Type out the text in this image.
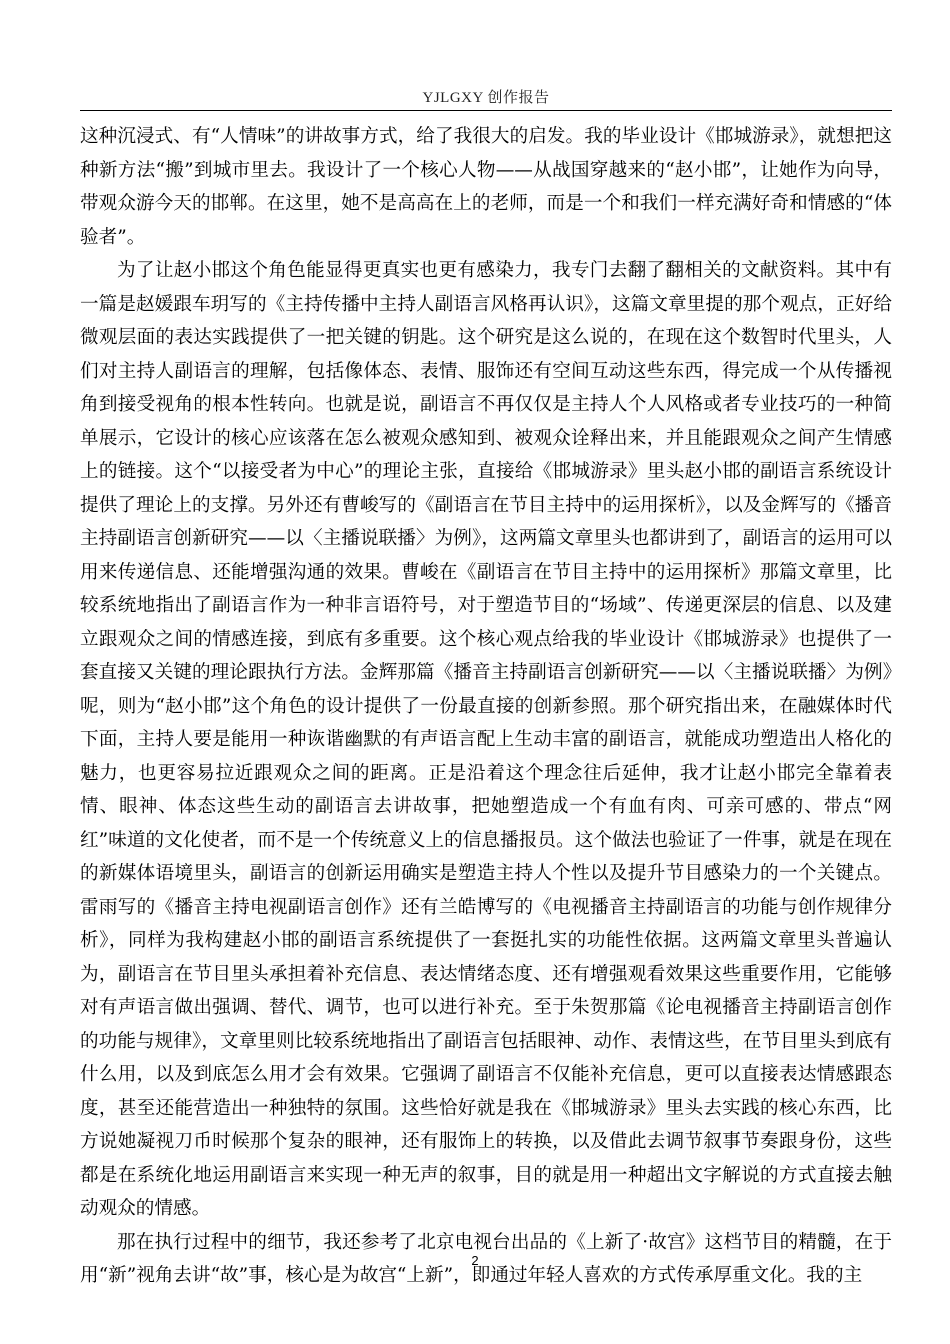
YJLGXY 创作报告

这种沉浸式、有“人情味”的讲故事方式，给了我很大的启发。我的毕业设计《邯城游录》，就想把这种新方法“搬”到城市里去。我设计了一个核心人物——从战国穿越来的“赵小邯”，让她作为向导，带观众游今天的邯郸。在这里，她不是高高在上的老师，而是一个和我们一样充满好奇和情感的“体验者”。

为了让赵小邯这个角色能显得更真实也更有感染力，我专门去翻了翻相关的文献资料。其中有一篇是赵媛跟车玥写的《主持传播中主持人副语言风格再认识》，这篇文章里提的那个观点，正好给微观层面的表达实践提供了一把关键的钥匙。这个研究是这么说的，在现在这个数智时代里头，人们对主持人副语言的理解，包括像体态、表情、服饰还有空间互动这些东西，得完成一个从传播视角到接受视角的根本性转向。也就是说，副语言不再仅仅是主持人个人风格或者专业技巧的一种简单展示，它设计的核心应该落在怎么被观众感知到、被观众诠释出来，并且能跟观众之间产生情感上的链接。这个“以接受者为中心”的理论主张，直接给《邯城游录》里头赵小邯的副语言系统设计提供了理论上的支撑。另外还有曹峻写的《副语言在节目主持中的运用探析》，以及金辉写的《播音主持副语言创新研究——以〈主播说联播〉为例》，这两篇文章里头也都讲到了，副语言的运用可以用来传递信息、还能增强沟通的效果。曹峻在《副语言在节目主持中的运用探析》那篇文章里，比较系统地指出了副语言作为一种非言语符号，对于塑造节目的“场域”、传递更深层的信息、以及建立跟观众之间的情感连接，到底有多重要。这个核心观点给我的毕业设计《邯城游录》也提供了一套直接又关键的理论跟执行方法。金辉那篇《播音主持副语言创新研究——以〈主播说联播〉为例》呢，则为“赵小邯”这个角色的设计提供了一份最直接的创新参照。那个研究指出来，在融媒体时代下面，主持人要是能用一种诙谐幽默的有声语言配上生动丰富的副语言，就能成功塑造出人格化的魅力，也更容易拉近跟观众之间的距离。正是沿着这个理念往后延伸，我才让赵小邯完全靠着表情、眼神、体态这些生动的副语言去讲故事，把她塑造成一个有血有肉、可亲可感的、带点“网红”味道的文化使者，而不是一个传统意义上的信息播报员。这个做法也验证了一件事，就是在现在的新媒体语境里头，副语言的创新运用确实是塑造主持人个性以及提升节目感染力的一个关键点。雷雨写的《播音主持电视副语言创作》还有兰皓博写的《电视播音主持副语言的功能与创作规律分析》，同样为我构建赵小邯的副语言系统提供了一套挺扎实的功能性依据。这两篇文章里头普遍认为，副语言在节目里头承担着补充信息、表达情绪态度、还有增强观看效果这些重要作用，它能够对有声语言做出强调、替代、调节，也可以进行补充。至于朱贺那篇《论电视播音主持副语言创作的功能与规律》，文章里则比较系统地指出了副语言包括眼神、动作、表情这些，在节目里头到底有什么用，以及到底怎么用才会有效果。它强调了副语言不仅能补充信息，更可以直接表达情感跟态度，甚至还能营造出一种独特的氛围。这些恰好就是我在《邯城游录》里头去实践的核心东西，比方说她凝视刀币时候那个复杂的眼神，还有服饰上的转换，以及借此去调节叙事节奏跟身份，这些都是在系统化地运用副语言来实现一种无声的叙事，目的就是用一种超出文字解说的方式直接去触动观众的情感。

那在执行过程中的细节，我还参考了北京电视台出品的《上新了·故宫》这档节目的精髓，在于用“新”视角去讲“故”事，核心是为故宫“上新”，即通过年轻人喜欢的方式传承厚重文化。我的主

2
